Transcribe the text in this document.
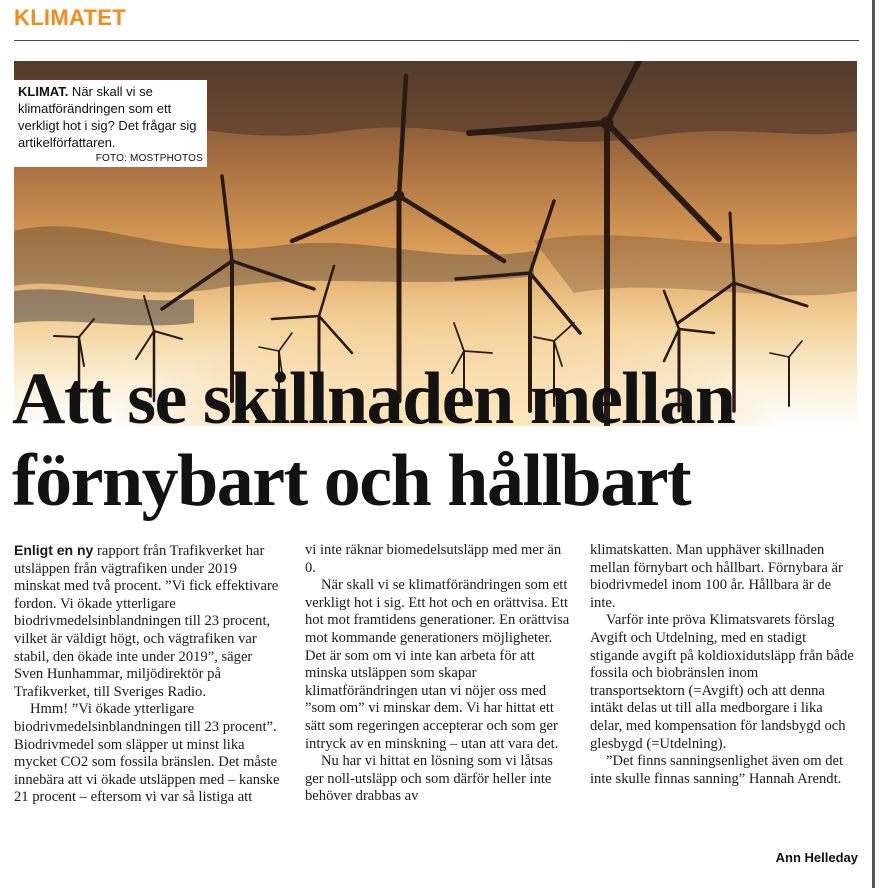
KLIMATET
KLIMAT. När skall vi se klimatförändringen som ett verkligt hot i sig? Det frågar sig artikelförfattaren.
FOTO: MOSTPHOTOS
Att se skillnaden mellan
förnybart och hållbart

Enligt en ny rapport från Trafikverket har utsläppen från vägtrafiken under 2019 minskat med två procent. ”Vi fick effektivare fordon. Vi ökade ytterligare biodrivmedelsinblandningen till 23 procent, vilket är väldigt högt, och vägtrafiken var stabil, den ökade inte under 2019”, säger Sven Hunhammar, miljödirektör på Trafikverket, till Sveriges Radio.

Hmm! ”Vi ökade ytterligare biodrivmedelsinblandningen till 23 procent”. Biodrivmedel som släpper ut minst lika mycket CO2 som fossila bränslen. Det måste innebära att vi ökade utsläppen med – kanske 21 procent – eftersom vi var så listiga att

vi inte räknar biomedelsutsläpp med mer än 0.

När skall vi se klimatförändringen som ett verkligt hot i sig. Ett hot och en orättvisa. Ett hot mot framtidens generationer. En orättvisa mot kommande generationers möjligheter. Det är som om vi inte kan arbeta för att minska utsläppen som skapar klimatförändringen utan vi nöjer oss med ”som om” vi minskar dem. Vi har hittat ett sätt som regeringen accepterar och som ger intryck av en minskning – utan att vara det.

Nu har vi hittat en lösning som vi låtsas ger noll-utsläpp och som därför heller inte behöver drabbas av

klimatskatten. Man upphäver skillnaden mellan förnybart och hållbart. Förnybara är biodrivmedel inom 100 år. Hållbara är de inte.

Varför inte pröva Klimatsvarets förslag Avgift och Utdelning, med en stadigt stigande avgift på koldioxidutsläpp från både fossila och biobränslen inom transportsektorn (=Avgift) och att denna intäkt delas ut till alla medborgare i lika delar, med kompensation för landsbygd och glesbygd (=Utdelning).

”Det finns sanningsenlighet även om det inte skulle finnas sanning” Hannah Arendt.

Ann Helleday
